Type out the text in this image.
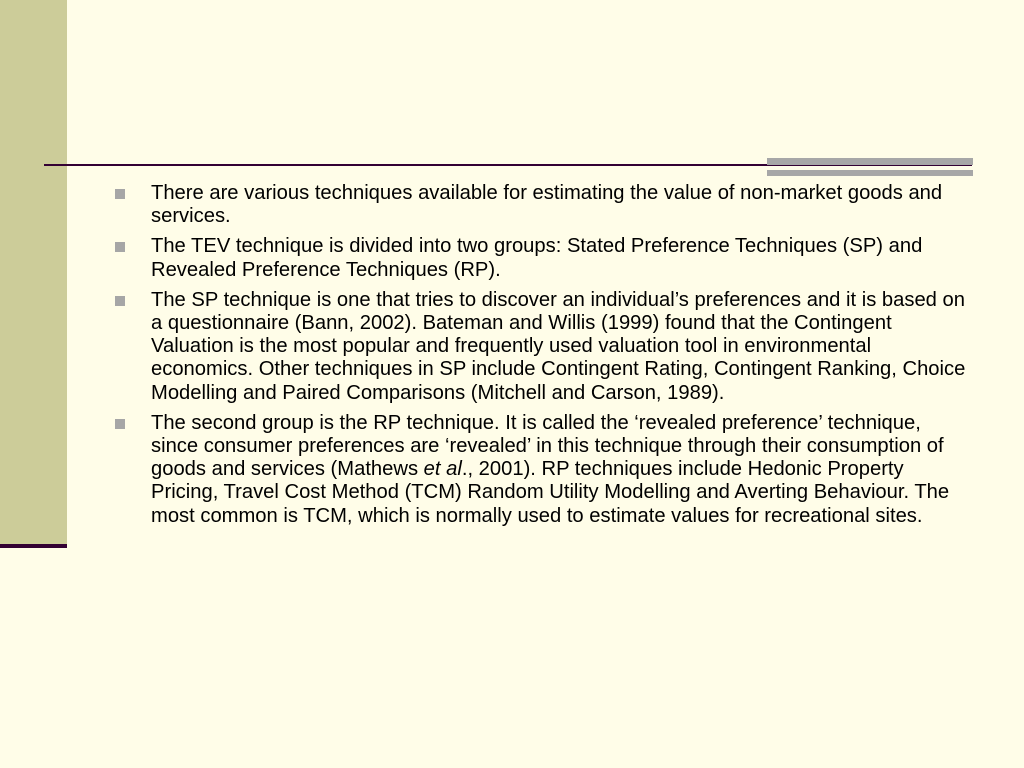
There are various techniques available for estimating the value of non-market goods and services.
The TEV technique is divided into two groups: Stated Preference Techniques (SP) and Revealed Preference Techniques (RP).
The SP technique is one that tries to discover an individual’s preferences and it is based on a questionnaire (Bann, 2002). Bateman and Willis (1999) found that the Contingent Valuation is the most popular and frequently used valuation tool in environmental economics. Other techniques in SP include Contingent Rating, Contingent Ranking, Choice Modelling and Paired Comparisons (Mitchell and Carson, 1989).
The second group is the RP technique. It is called the ‘revealed preference’ technique, since consumer preferences are ‘revealed’ in this technique through their consumption of goods and services (Mathews et al., 2001). RP techniques include Hedonic Property Pricing, Travel Cost Method (TCM) Random Utility Modelling and Averting Behaviour. The most common is TCM, which is normally used to estimate values for recreational sites.
